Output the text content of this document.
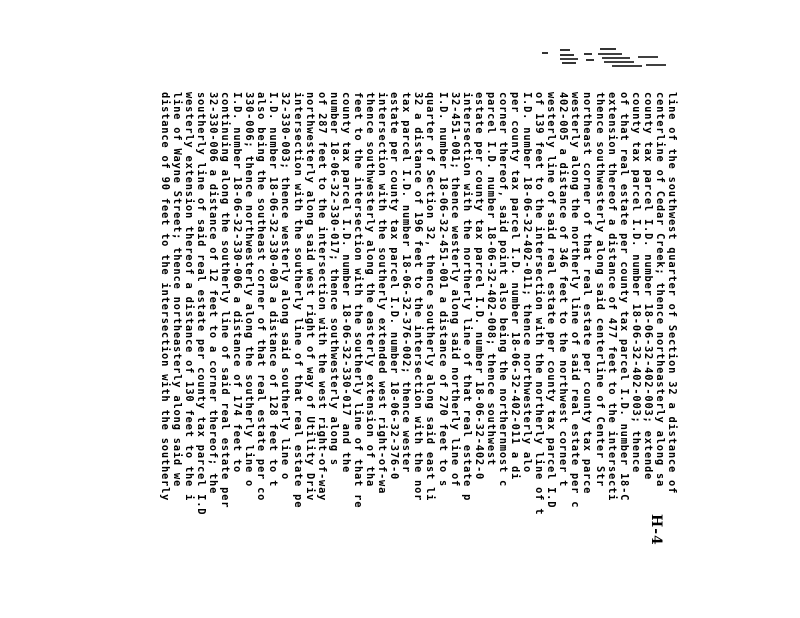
line of the southwest quarter of Section 32 a distance of
centerline of Cedar Creek; thence northeasterly along sa
county tax parcel I.D. number 18-06-32-402-003; extende
county tax parcel I.D. number 18-06-32-402-003; thence
of that real estate per county tax parcel I.D. number 18-C
extension thereof a distance of 477 feet to the intersecti
thence southwesterly along said centerline of Center Str
northeast corner of that real estate per county tax parce
westerly along the northerly line of said real estate per c
402-005 a distance of 346 feet to the northwest corner t
westerly line of said real estate per county tax parcel I.D
of 139 feet to the intersection with the northerly line of t
I.D. number 18-06-32-402-011; thence northwesterly alo
per county tax parcel I.D. number 18-06-32-402-011 a di
corner thereof, said point also being the northernmost c
parcel I.D. number 18-06-32-402-008; thence southwest
estate per county tax parcel I.D. number 18-06-32-402-0
intersection with the northerly line of that real estate p
32-451-001; thence westerly along said northerly line of
I.D. number 18-06-32-451-001 a distance of 270 feet to s
quarter of Section 32, thence southerly along said east li
32 a distance of 196 feet to the intersection with the nor
tax parcel I.D. number 18-06-32-376-002; thence wester
estate per county tax parcel I.D. number 18-06-32-376-0
intersection with the southerly extended west right-of-wa
thence southwesterly along the easterly extension of tha
feet to the intersection with the southerly line of that re
county tax parcel I.D. number 18-06-32-330-017 and the
number 18-06-32-330-017; thence southwesterly along s
of 287 feet to the intersection with the west right-of-way
northwesterly along said west right of way of Utility Driv
intersection with the southerly line of that real estate pe
32-330-003; thence westerly along said southerly line o
I.D. number 18-06-32-330-003 a distance of 128 feet to t
also being the southeast corner of that real estate per co
330-006; thence northwesterly along the southerly line o
I.D. number 18-06-32-330-006 a distance of 174 feet to
continuing along the southerly line of said real estate per
32-330-006 a distance of 12 feet to a corner thereof; the
southerly line of said real estate per county tax parcel I.D
westerly extension thereof a distance of 130 feet to the i
line of Wayne Street; thence northeasterly along said we
distance of 90 feet to the intersection with the southerly
H-4
